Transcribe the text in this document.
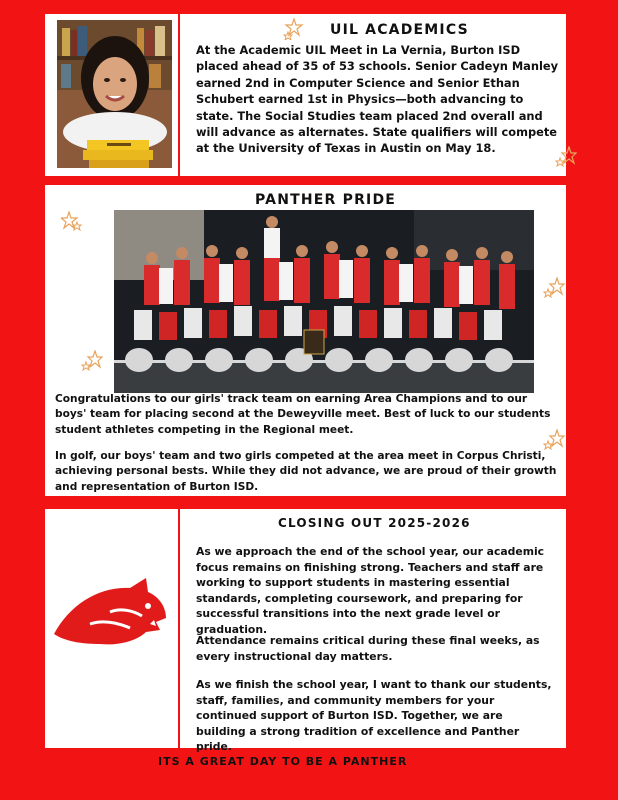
UIL ACADEMICS
At the Academic UIL Meet in La Vernia, Burton ISD placed ahead of 35 of 53 schools. Senior Cadeyn Manley earned 2nd in Computer Science and Senior Ethan Schubert earned 1st in Physics—both advancing to state. The Social Studies team placed 2nd overall and will advance as alternates. State qualifiers will compete at the University of Texas in Austin on May 18.
PANTHER PRIDE
Congratulations to our girls' track team on earning Area Champions and to our boys' team for placing second at the Deweyville meet. Best of luck to our students student athletes competing in the Regional meet.
In golf, our boys' team and two girls competed at the area meet in Corpus Christi, achieving personal bests. While they did not advance, we are proud of their growth and representation of Burton ISD.
CLOSING OUT 2025-2026
As we approach the end of the school year, our academic focus remains on finishing strong. Teachers and staff are working to support students in mastering essential standards, completing coursework, and preparing for successful transitions into the next grade level or graduation.
Attendance remains critical during these final weeks, as every instructional day matters.
As we finish the school year, I want to thank our students, staff, families, and community members for your continued support of Burton ISD. Together, we are building a strong tradition of excellence and Panther pride.
ITS A GREAT DAY TO BE A PANTHER
